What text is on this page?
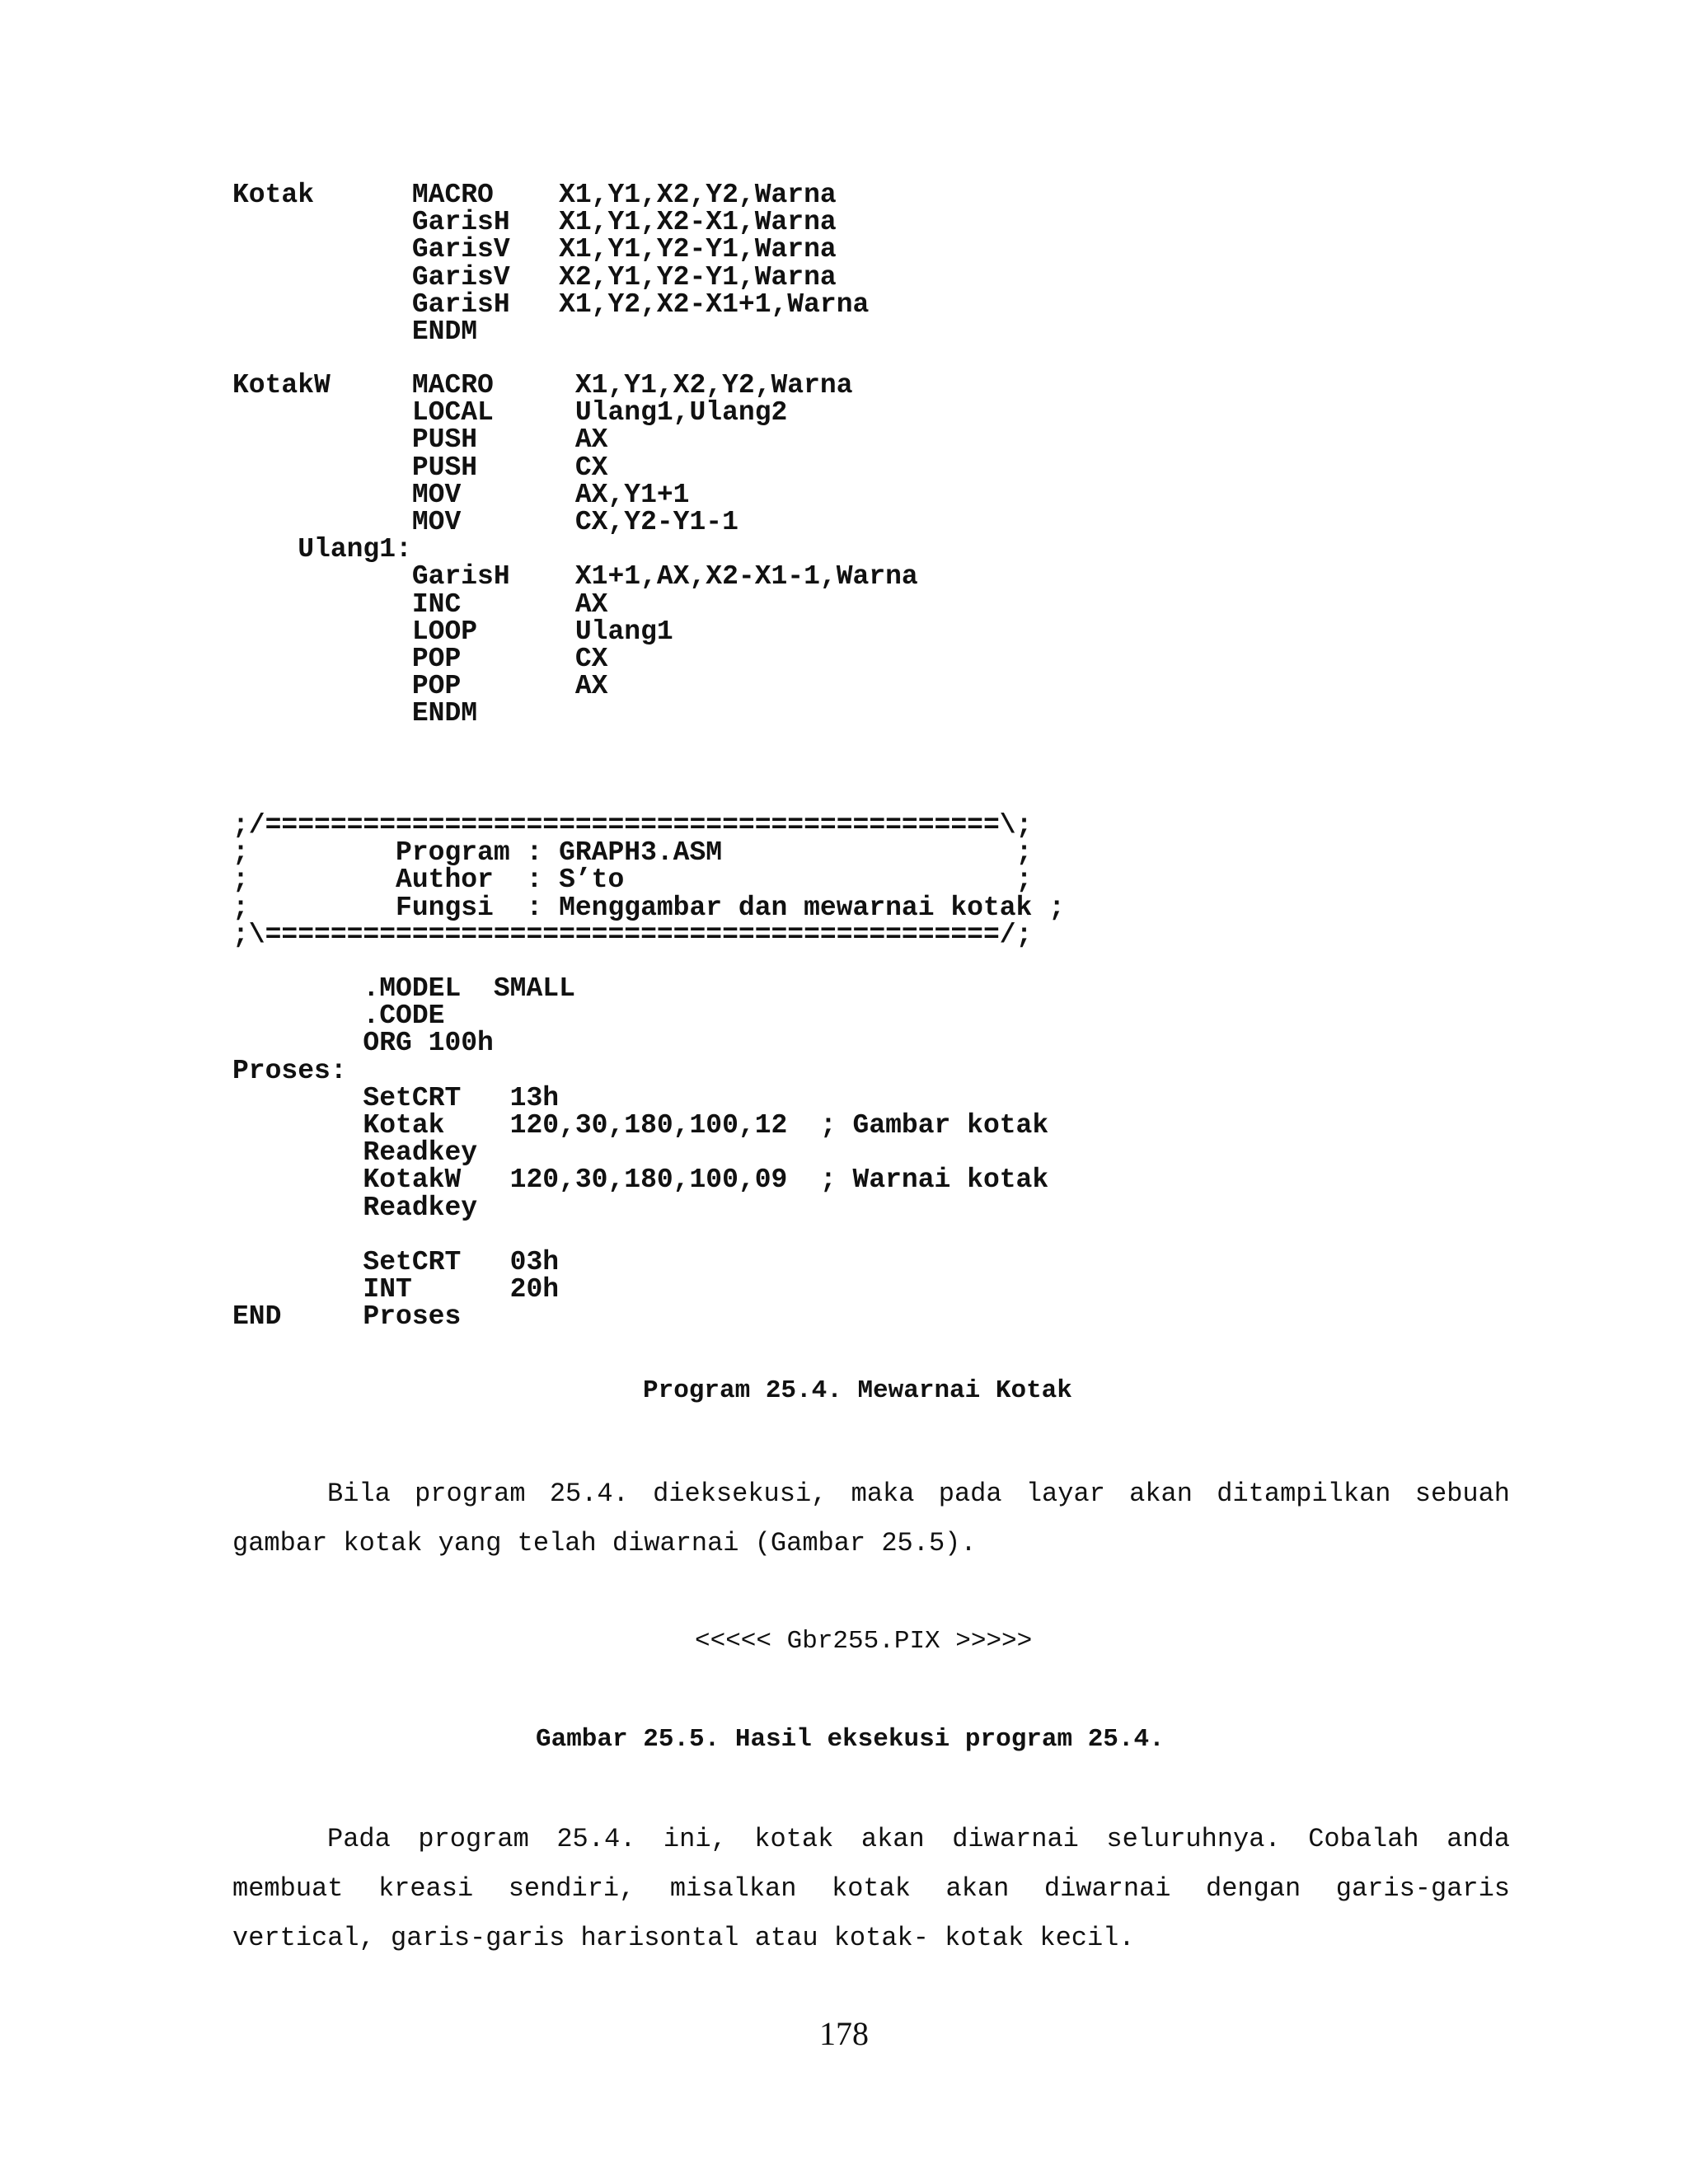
Kotak      MACRO    X1,Y1,X2,Y2,Warna
GarisH   X1,Y1,X2-X1,Warna
GarisV   X1,Y1,Y2-Y1,Warna
GarisV   X2,Y1,Y2-Y1,Warna
GarisH   X1,Y2,X2-X1+1,Warna
ENDM
KotakW     MACRO     X1,Y1,X2,Y2,Warna
LOCAL     Ulang1,Ulang2
PUSH      AX
PUSH      CX
MOV       AX,Y1+1
MOV       CX,Y2-Y1-1
Ulang1:
GarisH    X1+1,AX,X2-X1-1,Warna
INC       AX
LOOP      Ulang1
POP       CX
POP       AX
ENDM
;/=============================================\;
;         Program : GRAPH3.ASM                  ;
;         Author  : S’to                        ;
;         Fungsi  : Menggambar dan mewarnai kotak ;
;\=============================================/;
.MODEL  SMALL
.CODE
ORG 100h
Proses:
SetCRT   13h
Kotak    120,30,180,100,12  ; Gambar kotak
Readkey
KotakW   120,30,180,100,09  ; Warnai kotak
Readkey

SetCRT   03h
INT      20h
END     Proses
Program 25.4. Mewarnai Kotak

Bila program 25.4. dieksekusi, maka pada layar akan ditampilkan sebuah gambar kotak yang telah diwarnai (Gambar 25.5).

<<<<< Gbr255.PIX >>>>>
Gambar 25.5. Hasil eksekusi program 25.4.

Pada program 25.4. ini, kotak akan diwarnai seluruhnya. Cobalah anda membuat kreasi sendiri, misalkan kotak akan diwarnai dengan garis-garis vertical, garis-garis harisontal atau kotak- kotak kecil.

178
